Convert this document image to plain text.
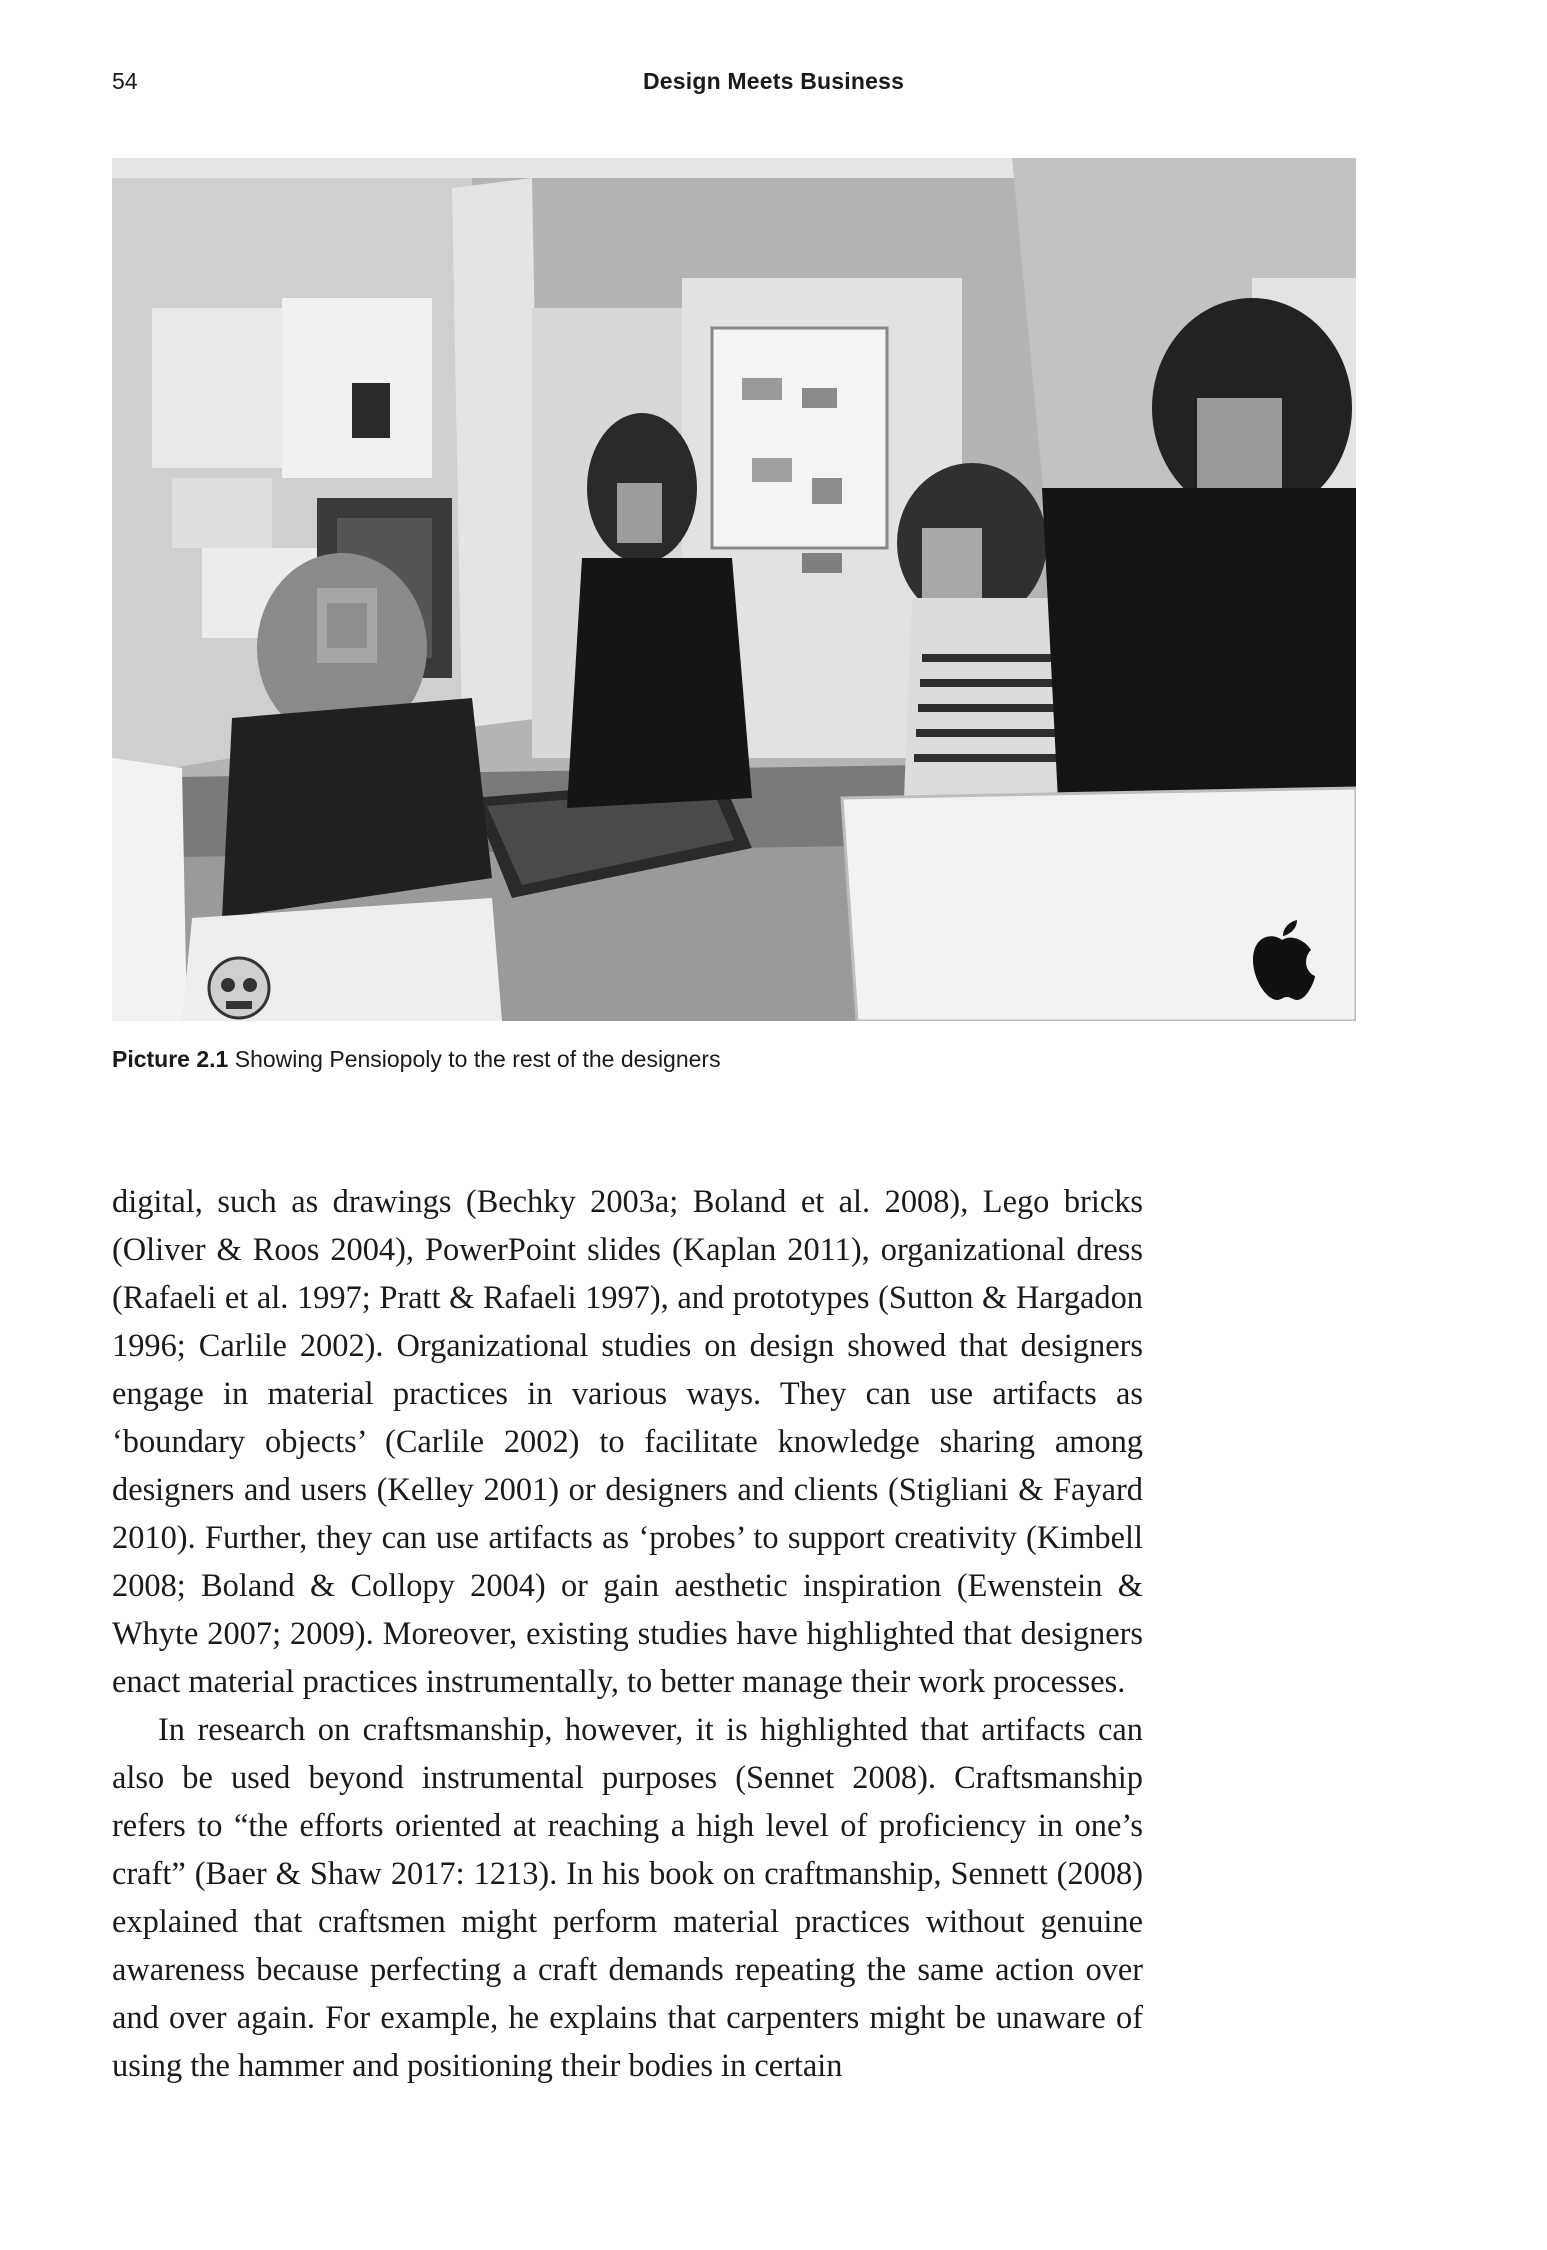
54	Design Meets Business
Picture 2.1 Showing Pensiopoly to the rest of the designers

digital, such as drawings (Bechky 2003a; Boland et al. 2008), Lego bricks (Oliver & Roos 2004), PowerPoint slides (Kaplan 2011), organizational dress (Rafaeli et al. 1997; Pratt & Rafaeli 1997), and prototypes (Sutton & Hargadon 1996; Carlile 2002). Organizational studies on design showed that designers engage in material practices in various ways. They can use artifacts as ‘boundary objects’ (Carlile 2002) to facilitate knowledge sharing among designers and users (Kelley 2001) or designers and clients (Stigliani & Fayard 2010). Further, they can use artifacts as ‘probes’ to support creativity (Kimbell 2008; Boland & Collopy 2004) or gain aesthetic inspiration (Ewenstein & Whyte 2007; 2009). Moreover, existing studies have highlighted that designers enact material practices instrumentally, to better manage their work processes.

In research on craftsmanship, however, it is highlighted that artifacts can also be used beyond instrumental purposes (Sennet 2008). Craftsmanship refers to “the efforts oriented at reaching a high level of proficiency in one’s craft” (Baer & Shaw 2017: 1213). In his book on craftmanship, Sennett (2008) explained that craftsmen might perform material practices without genuine awareness because perfecting a craft demands repeating the same action over and over again. For example, he explains that carpenters might be unaware of using the hammer and positioning their bodies in certain
